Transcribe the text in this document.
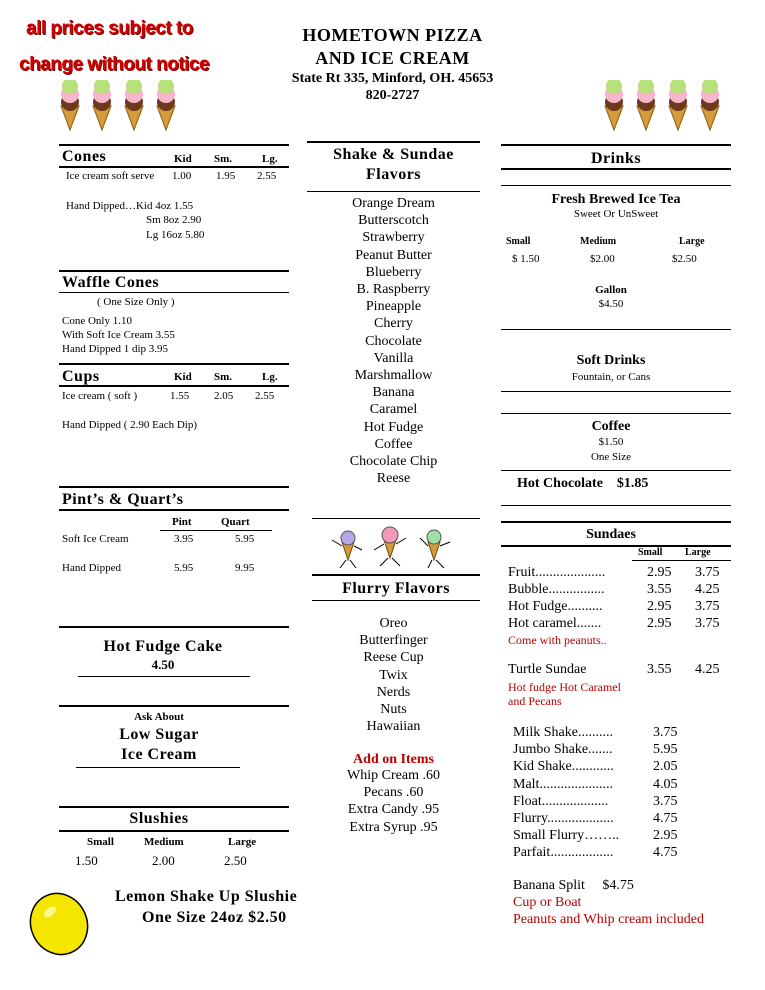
all prices subject to
change without notice
HOMETOWN PIZZA
AND ICE CREAM
State Rt 335, Minford, OH. 45653
820-2727
Cones	Kid Sm.	Lg.
Ice cream soft serve 1.00 1.95 2.55
Hand Dipped…Kid 4oz 1.55
Sm 8oz 2.90
Lg 16oz 5.80
Waffle Cones
( One Size Only )
Cone Only 1.10
With Soft Ice Cream 3.55
Hand Dipped 1 dip 3.95
Cups	Kid Sm.	Lg.
Ice cream ( soft )	1.55 2.05 2.55
Hand Dipped ( 2.90 Each Dip)
Pint’s & Quart’s
Pint	Quart
Soft Ice Cream	3.95	5.95
Hand Dipped	5.95	9.95
Hot Fudge Cake
4.50
Ask About
Low Sugar
Ice Cream
Slushies
Small	Medium	Large
1.50	2.00	2.50
Lemon Shake Up Slushie
One Size 24oz $2.50
Shake & Sundae
Flavors
Orange Dream
Butterscotch
Strawberry
Peanut Butter
Blueberry
B. Raspberry
Pineapple
Cherry
Chocolate
Vanilla
Marshmallow
Banana
Caramel
Hot Fudge
Coffee
Chocolate Chip
Reese
Flurry Flavors
Oreo
Butterfinger
Reese Cup
Twix
Nerds
Nuts
Hawaiian
Add on Items
Whip Cream .60
Pecans .60
Extra Candy .95
Extra Syrup .95
Drinks
Fresh Brewed Ice Tea
Sweet Or UnSweet
Small	Medium	Large
$ 1.50	$2.00	$2.50
Gallon
$4.50
Soft Drinks
Fountain, or Cans
Coffee
$1.50
One Size
Hot Chocolate    $1.85
Sundaes
Small Large
Fruit....................	2.95 3.75
Bubble................	3.55 4.25
Hot Fudge..........	2.95 3.75
Hot caramel.......	2.95 3.75
Come with peanuts..
Turtle Sundae	3.55 4.25
Hot fudge Hot Caramel
and Pecans
Milk Shake..........	3.75
Jumbo Shake.......	5.95
Kid Shake............	2.05
Malt.....................	4.05
Float...................	3.75
Flurry...................	4.75
Small Flurry…….. 2.95
Parfait..................	4.75
Banana Split     $4.75
Cup or Boat
Peanuts and Whip cream included
